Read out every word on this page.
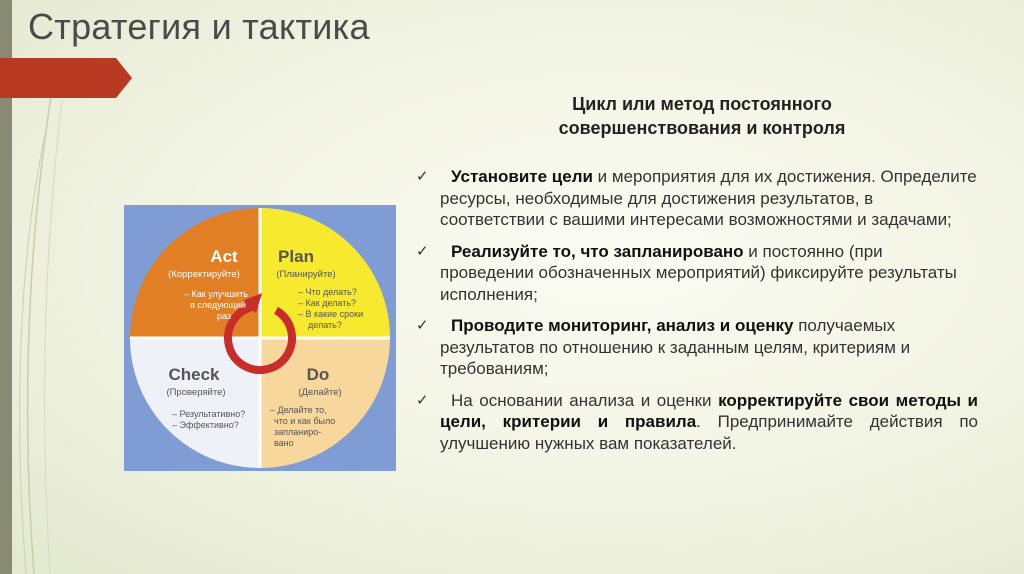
Стратегия и тактика
Цикл или метод постоянного
совершенствования и контроля
Act
(Корректируйте)
– Как улучшить
в следующий
раз
Plan
(Планируйте)
– Что делать?
– Как делать?
– В какие сроки
делать?
Check
(Проверяйте)
– Результативно?
– Эффективно?
Do
(Делайте)
– Делайте то,
что и как было
запланиро-
вано
✓ Установите цели и мероприятия для их достижения. Определите ресурсы, необходимые для достижения результатов, в соответствии с вашими интересами возможностями и задачами;
✓ Реализуйте то, что запланировано и постоянно (при проведении обозначенных мероприятий) фиксируйте результаты исполнения;
✓ Проводите мониторинг, анализ и оценку получаемых результатов по отношению к заданным целям, критериям и требованиям;
✓ На основании анализа и оценки корректируйте свои методы и цели, критерии и правила. Предпринимайте действия по улучшению нужных вам показателей.
